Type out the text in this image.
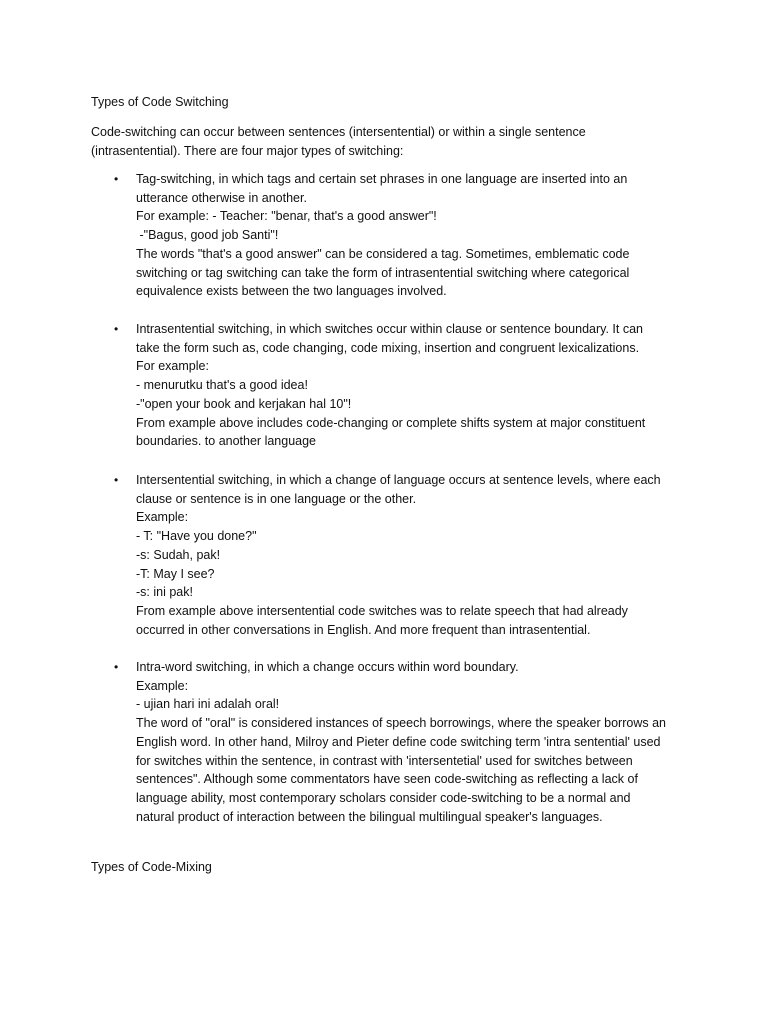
Types of Code Switching

Code-switching can occur between sentences (intersentential) or within a single sentence
(intrasentential). There are four major types of switching:

• Tag-switching, in which tags and certain set phrases in one language are inserted into an
utterance otherwise in another.
For example: - Teacher: "benar, that's a good answer"!
-"Bagus, good job Santi"!
The words "that's a good answer" can be considered a tag. Sometimes, emblematic code
switching or tag switching can take the form of intrasentential switching where categorical
equivalence exists between the two languages involved.
• Intrasentential switching, in which switches occur within clause or sentence boundary. It can
take the form such as, code changing, code mixing, insertion and congruent lexicalizations.
For example:
- menurutku that's a good idea!
-"open your book and kerjakan hal 10"!
From example above includes code-changing or complete shifts system at major constituent
boundaries. to another language
• Intersentential switching, in which a change of language occurs at sentence levels, where each
clause or sentence is in one language or the other.
Example:
- T: "Have you done?"
-s: Sudah, pak!
-T: May I see?
-s: ini pak!
From example above intersentential code switches was to relate speech that had already
occurred in other conversations in English. And more frequent than intrasentential.
• Intra-word switching, in which a change occurs within word boundary.
Example:
- ujian hari ini adalah oral!
The word of "oral" is considered instances of speech borrowings, where the speaker borrows an
English word. In other hand, Milroy and Pieter define code switching term 'intra sentential' used
for switches within the sentence, in contrast with 'intersentetial' used for switches between
sentences". Although some commentators have seen code-switching as reflecting a lack of
language ability, most contemporary scholars consider code-switching to be a normal and
natural product of interaction between the bilingual multilingual speaker's languages.
Types of Code-Mixing
